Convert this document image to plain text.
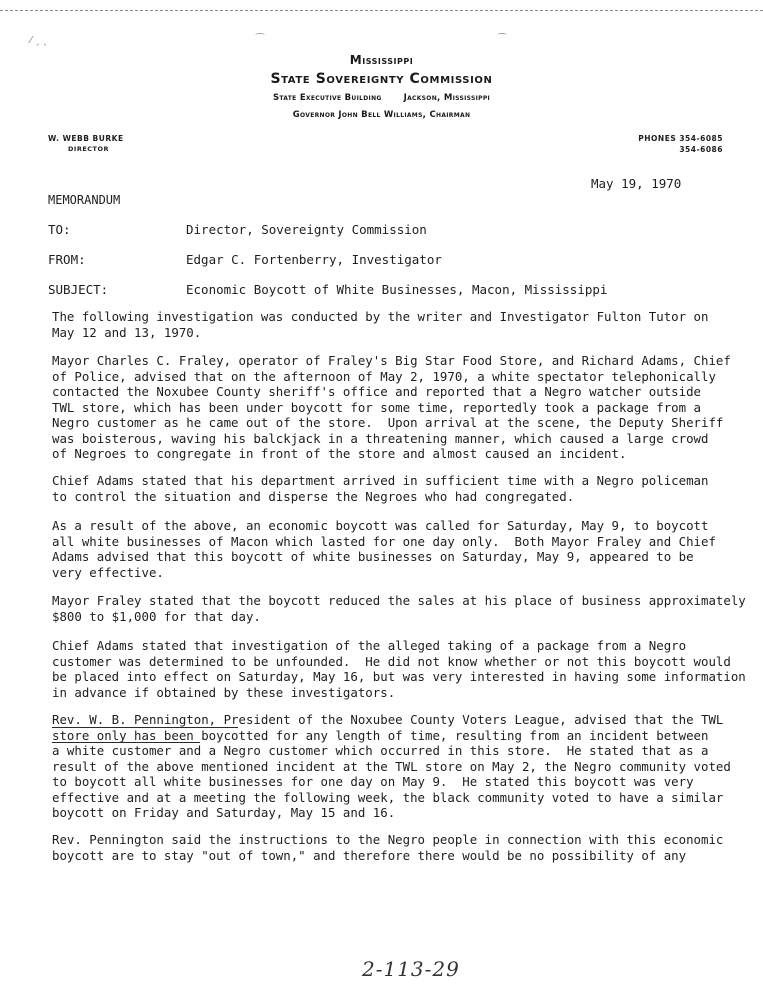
⁄ ˏ ˎ	⌒	⌒
Mississippi
State Sovereignty Commission
State Executive Building	Jackson, Mississippi
Governor John Bell Williams, Chairman
W. WEBB BURKE
DIRECTOR
PHONES 354-6085
354-6086
May 19, 1970
MEMORANDUM
TO:	Director, Sovereignty Commission
FROM:	Edgar C. Fortenberry, Investigator
SUBJECT:	Economic Boycott of White Businesses, Macon, Mississippi

The following investigation was conducted by the writer and Investigator Fulton Tutor on
May 12 and 13, 1970.

Mayor Charles C. Fraley, operator of Fraley's Big Star Food Store, and Richard Adams, Chief
of Police, advised that on the afternoon of May 2, 1970, a white spectator telephonically
contacted the Noxubee County sheriff's office and reported that a Negro watcher outside
TWL store, which has been under boycott for some time, reportedly took a package from a
Negro customer as he came out of the store.  Upon arrival at the scene, the Deputy Sheriff
was boisterous, waving his balckjack in a threatening manner, which caused a large crowd
of Negroes to congregate in front of the store and almost caused an incident.

Chief Adams stated that his department arrived in sufficient time with a Negro policeman
to control the situation and disperse the Negroes who had congregated.

As a result of the above, an economic boycott was called for Saturday, May 9, to boycott
all white businesses of Macon which lasted for one day only.  Both Mayor Fraley and Chief
Adams advised that this boycott of white businesses on Saturday, May 9, appeared to be
very effective.

Mayor Fraley stated that the boycott reduced the sales at his place of business approximately
$800 to $1,000 for that day.

Chief Adams stated that investigation of the alleged taking of a package from a Negro
customer was determined to be unfounded.  He did not know whether or not this boycott would
be placed into effect on Saturday, May 16, but was very interested in having some information
in advance if obtained by these investigators.

Rev. W. B. Pennington, President of the Noxubee County Voters League, advised that the TWL
store only has been boycotted for any length of time, resulting from an incident between
a white customer and a Negro customer which occurred in this store.  He stated that as a
result of the above mentioned incident at the TWL store on May 2, the Negro community voted
to boycott all white businesses for one day on May 9.  He stated this boycott was very
effective and at a meeting the following week, the black community voted to have a similar
boycott on Friday and Saturday, May 15 and 16.

Rev. Pennington said the instructions to the Negro people in connection with this economic
boycott are to stay "out of town," and therefore there would be no possibility of any

2-113-29
